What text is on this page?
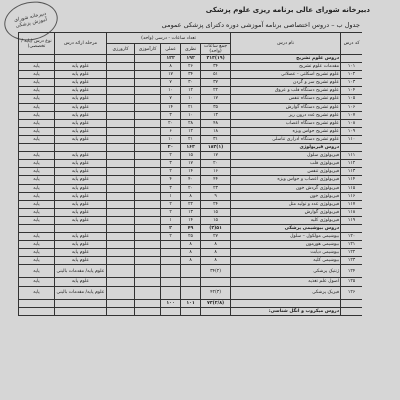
دبیرخانه شورای
آموزش پزشکی
دبیرخانه شورای عالی برنامه ریزی علوم پزشکی
جدول ب – دروس اختصاصی برنامه آموزشی دوره دکترای پزشکی عمومی
کد درس	نام درس	تعداد ساعات - درسی (واحد)					مرحله ارائه درس	نوع درس (پایه / تخصصی)
		جمع ساعات (واحد)	نظری	عملی	کارآموزی	کارورزی		
	دروس علوم تشریح	(۱۹)۳۱۳	۱۹۲	۱۲۲				
۱۰۱	مقدمات علوم تشریح	۳۴	۲۶	۸			علوم پایه	پایه
۱۰۲	علوم تشریح اسکلتی - عضلانی	۵۱	۳۴	۱۷			علوم پایه	پایه
۱۰۳	علوم تشریح سر و گردن	۳۷	۳۰	۷			علوم پایه	پایه
۱۰۴	علوم تشریح دستگاه قلب و عروق	۲۲	۱۲	۱۰			علوم پایه	پایه
۱۰۵	علوم تشریح دستگاه تنفس	۱۷	۱۰	۷			علوم پایه	پایه
۱۰۶	علوم تشریح دستگاه گوارش	۳۵	۲۱	۱۴			علوم پایه	پایه
۱۰۷	علوم تشریح غدد درون ریز	۱۳	۱۰	۳			علوم پایه	پایه
۱۰۸	علوم تشریح دستگاه اعصاب	۴۸	۲۸	۲۰			علوم پایه	پایه
۱۰۹	علوم تشریح حواس ویژه	۱۸	۱۲	۶			علوم پایه	پایه
۱۱۰	علوم تشریح دستگاه ادراری تناسلی	۳۱	۲۱	۱۰			علوم پایه	پایه
	دروس فیزیولوژی	(۱)۱۸۳	۱۶۳	۲۰				
۱۱۱	فیزیولوژی سلول	۱۷	۱۵	۲			علوم پایه	پایه
۱۱۲	فیزیولوژی قلب	۲۰	۱۷	۳			علوم پایه	پایه
۱۱۳	فیزیولوژی تنفس	۱۶	۱۴	۲			علوم پایه	پایه
۱۱۴	فیزیولوژی اعصاب و حواس ویژه	۴۴	۴۰	۴			علوم پایه	پایه
۱۱۵	فیزیولوژی گردش خون	۲۳	۲۰	۳			علوم پایه	پایه
۱۱۶	فیزیولوژی خون	۹	۸	۱			علوم پایه	پایه
۱۱۷	فیزیولوژی غدد و تولید مثل	۲۴	۲۲	۲			علوم پایه	پایه
۱۱۸	فیزیولوژی گوارش	۱۵	۱۳	۲			علوم پایه	پایه
۱۱۹	فیزیولوژی کلیه	۱۵	۱۴	۱			علوم پایه	پایه
	دروس بیوشیمی پزشکی	۵۱(۳)	۴۹	۲				
۱۲۰	بیوشیمی مولکول – سلول	۲۷	۲۵	۲			علوم پایه	پایه
۱۲۱	بیوشیمی هورمون	۸	۸				علوم پایه	پایه
۱۲۲	بیوشیمی دیابت	۸	۸				علوم پایه	پایه
۱۲۳	بیوشیمی کلیه	۸	۸				علوم پایه	پایه
۱۲۴	ژنتیک پزشکی	(۲)۳۴					علوم پایه/ مقدمات بالینی	پایه
۱۲۵	اصول علم تغذیه						علوم پایه	پایه
۱۲۶	فیزیک پزشکی	(۳)۴۲					علوم پایه/ مقدمات بالینی	پایه
		(۲/۸)۷۳	۱۰۱	۱۰۰				
	دروس میکروب و انگل شناسی:							
